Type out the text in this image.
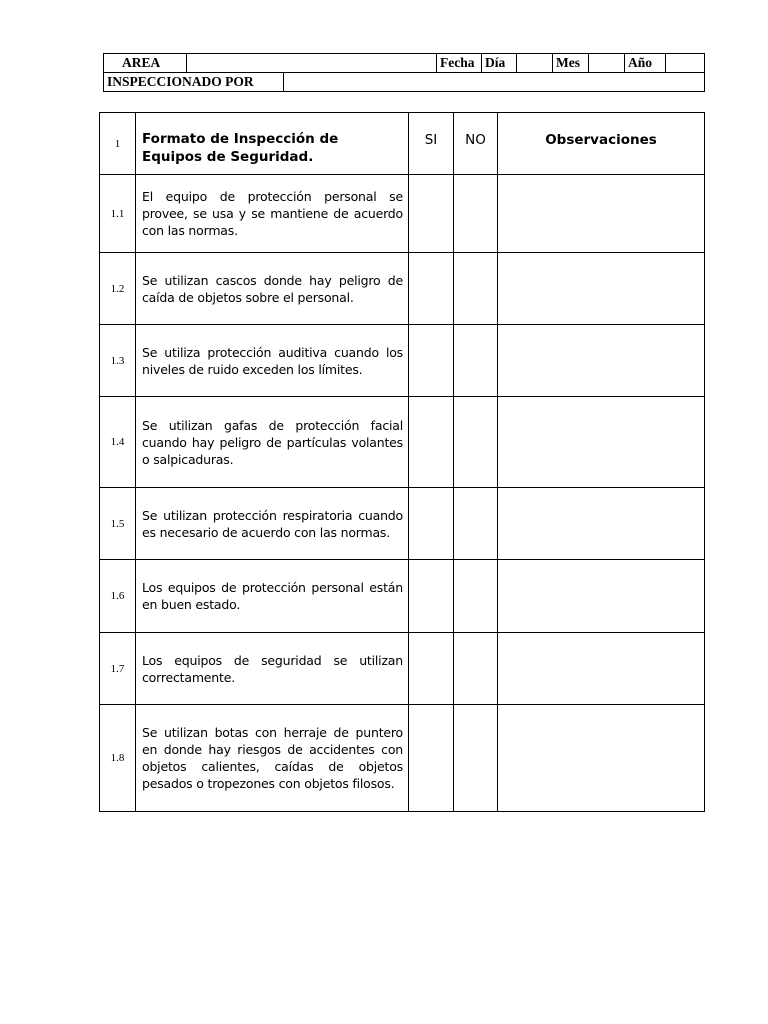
AREA			Fecha	Día		Mes		Año	
INSPECCIONADO POR									
1	Formato de Inspección de Equipos de Seguridad.	SI	NO	Observaciones
1.1	El equipo de protección personal se provee, se usa y se mantiene de acuerdo con las normas.			
1.2	Se utilizan cascos donde hay peligro de caída de objetos sobre el personal.			
1.3	Se utiliza protección auditiva cuando los niveles de ruido exceden los límites.			
1.4	Se utilizan gafas de protección facial cuando hay peligro de partículas volantes o salpicaduras.			
1.5	Se utilizan protección respiratoria cuando es necesario de acuerdo con las normas.			
1.6	Los equipos de protección personal están en buen estado.			
1.7	Los equipos de seguridad se utilizan correctamente.			
1.8	Se utilizan botas con herraje de puntero en donde hay riesgos de accidentes con objetos calientes, caídas de objetos pesados o tropezones con objetos filosos.			
